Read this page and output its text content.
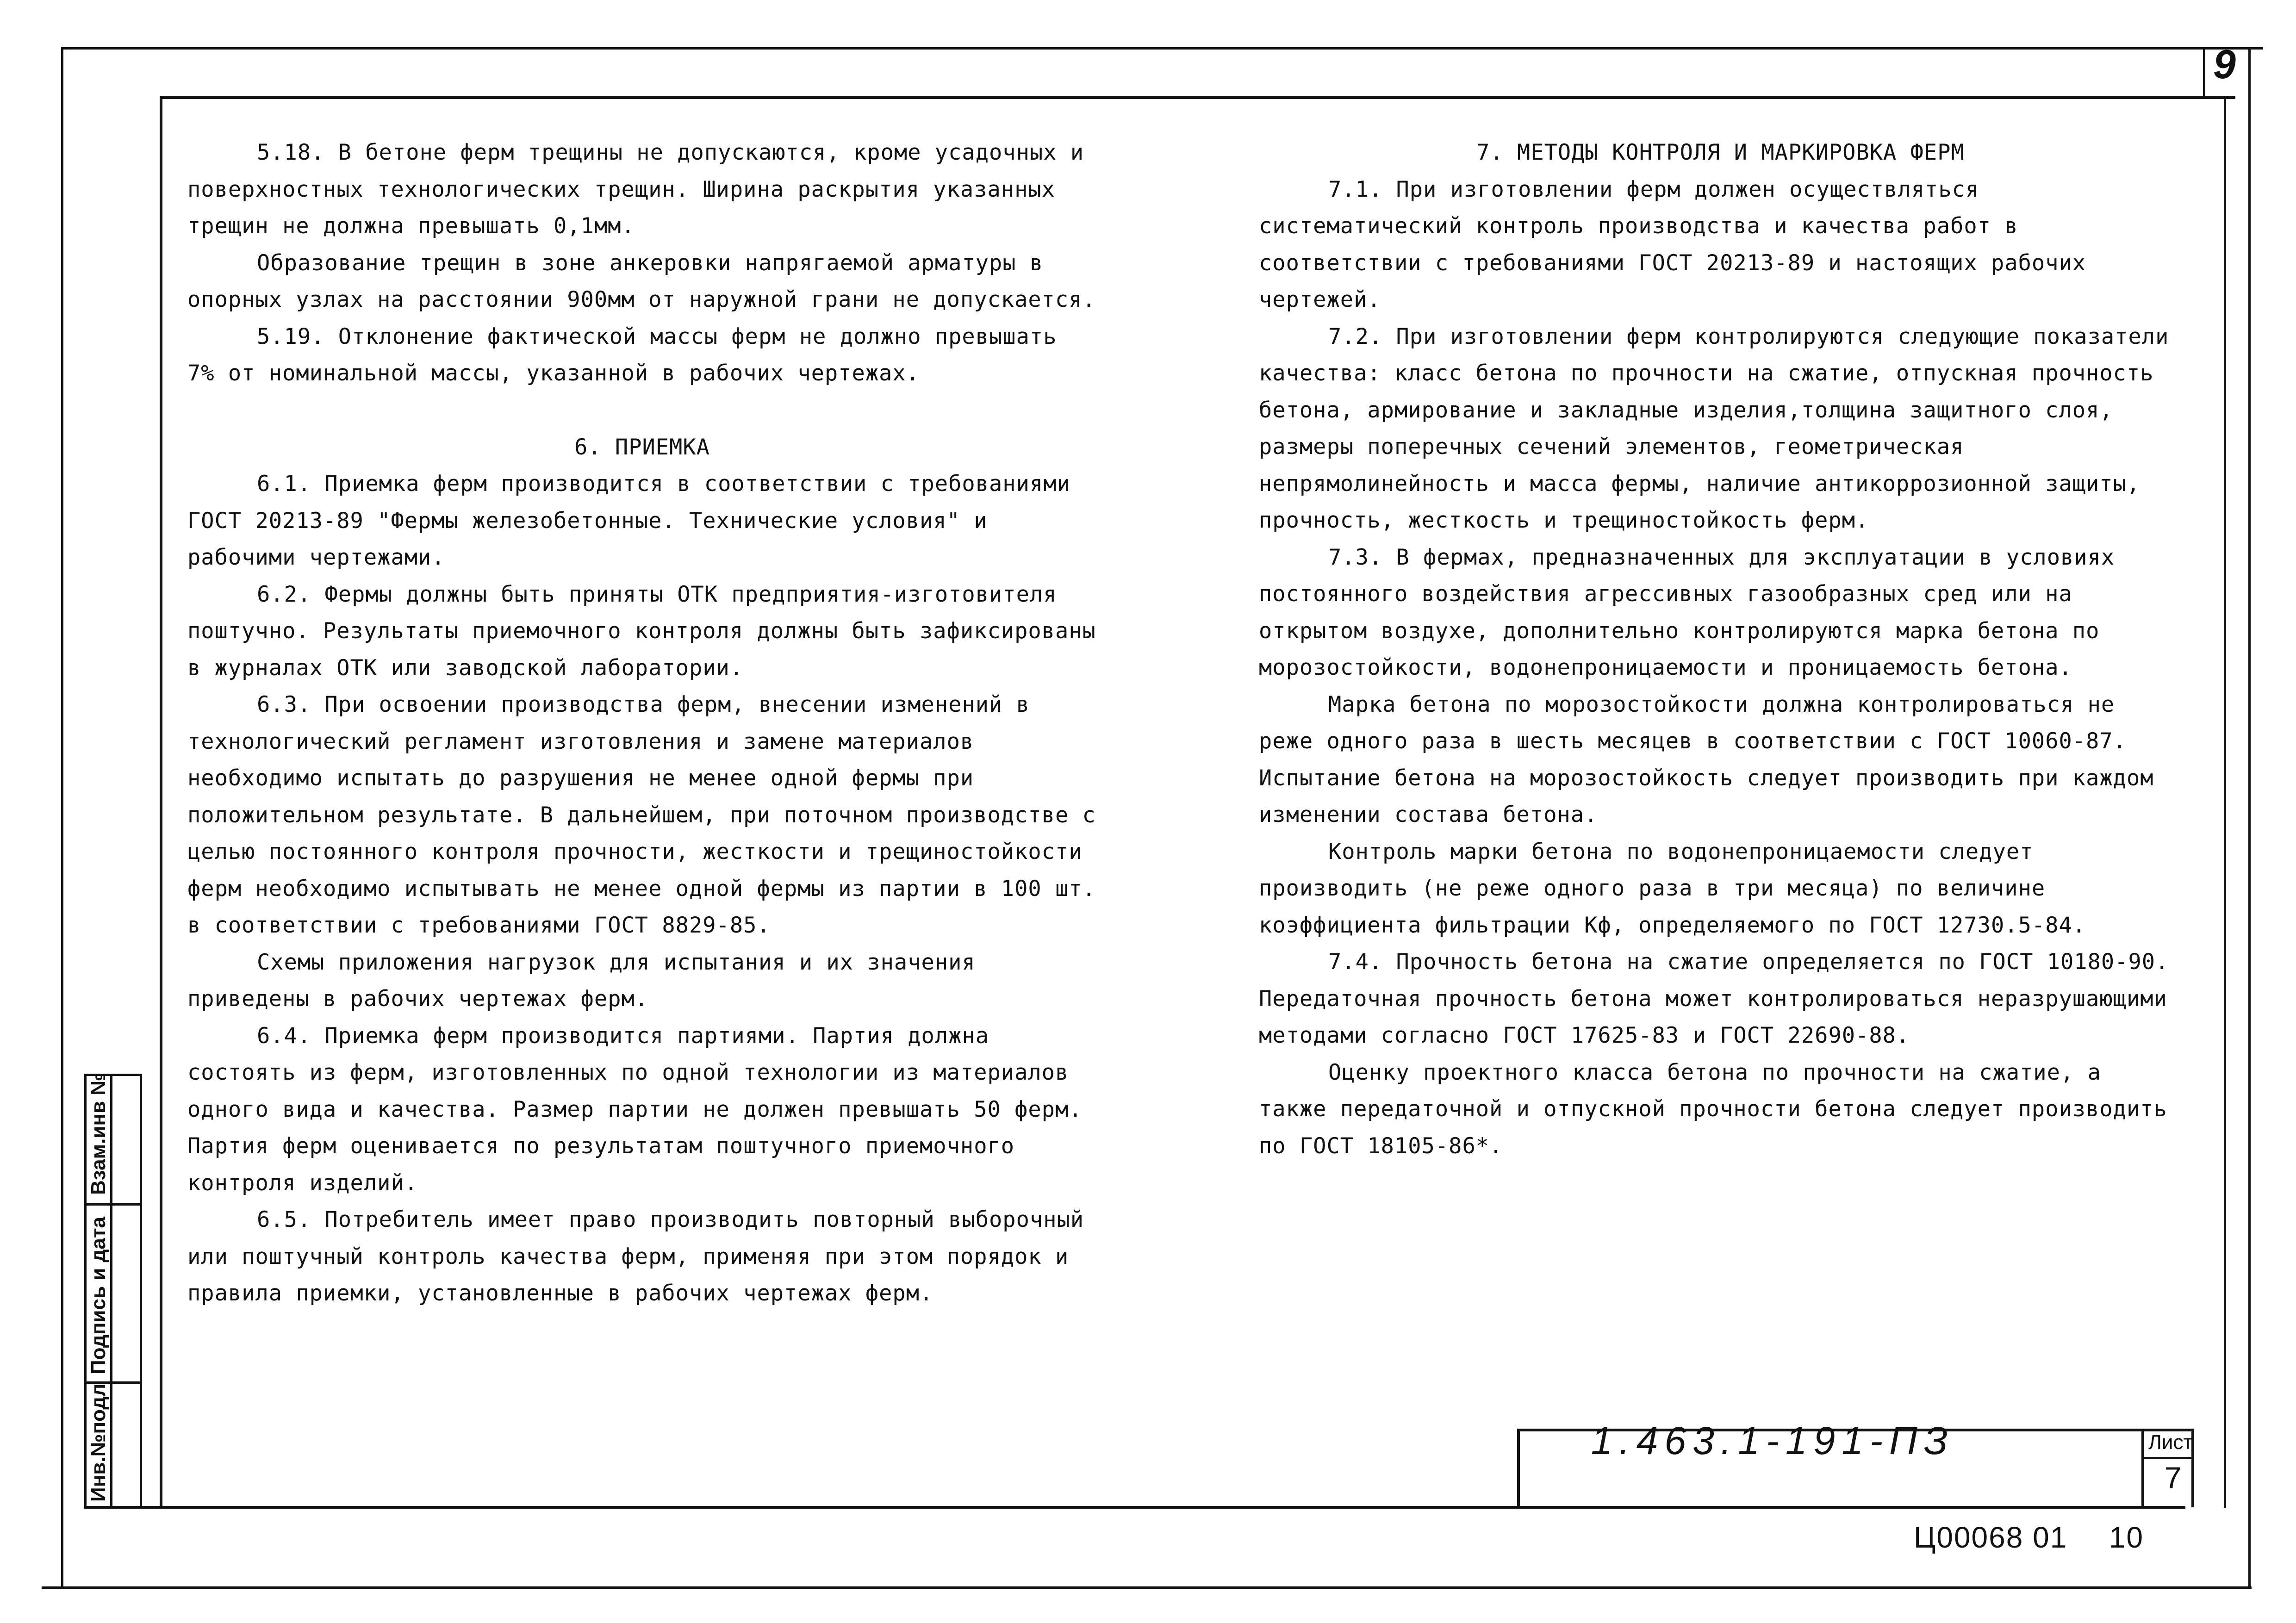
9

5.18. В бетоне ферм трещины не допускаются, кроме усадочных и поверхностных технологических трещин. Ширина раскрытия указанных трещин не должна превышать 0,1мм.

Образование трещин в зоне анкеровки напрягаемой арматуры в опорных узлах на расстоянии 900мм от наружной грани не допускается.

5.19. Отклонение фактической массы ферм не должно превышать 7% от номинальной массы, указанной в рабочих чертежах.

6. ПРИЕМКА

6.1. Приемка ферм производится в соответствии с требованиями ГОСТ 20213-89 "Фермы железобетонные. Технические условия" и рабочими чертежами.

6.2. Фермы должны быть приняты ОТК предприятия-изготовителя поштучно. Результаты приемочного контроля должны быть зафиксированы в журналах ОТК или заводской лаборатории.

6.3. При освоении производства ферм, внесении изменений в технологический регламент изготовления и замене материалов необходимо испытать до разрушения не менее одной фермы при положительном результате. В дальнейшем, при поточном производстве с целью постоянного контроля прочности, жесткости и трещиностойкости ферм необходимо испытывать не менее одной фермы из партии в 100 шт. в соответствии с требованиями ГОСТ 8829-85.

Схемы приложения нагрузок для испытания и их значения приведены в рабочих чертежах ферм.

6.4. Приемка ферм производится партиями. Партия должна состоять из ферм, изготовленных по одной технологии из материалов одного вида и качества. Размер партии не должен превышать 50 ферм. Партия ферм оценивается по результатам поштучного приемочного контроля изделий.

6.5. Потребитель имеет право производить повторный выборочный или поштучный контроль качества ферм, применяя при этом порядок и правила приемки, установленные в рабочих чертежах ферм.

7. МЕТОДЫ КОНТРОЛЯ И МАРКИРОВКА ФЕРМ

7.1. При изготовлении ферм должен осуществляться систематический контроль производства и качества работ в соответствии с требованиями ГОСТ 20213-89 и настоящих рабочих чертежей.

7.2. При изготовлении ферм контролируются следующие показатели качества: класс бетона по прочности на сжатие, отпускная прочность бетона, армирование и закладные изделия,толщина защитного слоя, размеры поперечных сечений элементов, геометрическая непрямолинейность и масса фермы, наличие антикоррозионной защиты, прочность, жесткость и трещиностойкость ферм.

7.3. В фермах, предназначенных для эксплуатации в условиях постоянного воздействия агрессивных газообразных сред или на открытом воздухе, дополнительно контролируются марка бетона по морозостойкости, водонепроницаемости и проницаемость бетона.

Марка бетона по морозостойкости должна контролироваться не реже одного раза в шесть месяцев в соответствии с ГОСТ 10060-87. Испытание бетона на морозостойкость следует производить при каждом изменении состава бетона.

Контроль марки бетона по водонепроницаемости следует производить (не реже одного раза в три месяца) по величине коэффициента фильтрации Кф, определяемого по ГОСТ 12730.5-84.

7.4. Прочность бетона на сжатие определяется по ГОСТ 10180-90. Передаточная прочность бетона может контролироваться неразрушающими методами согласно ГОСТ 17625-83 и ГОСТ 22690-88.

Оценку проектного класса бетона по прочности на сжатие, а также передаточной и отпускной прочности бетона следует производить по ГОСТ 18105-86*.

Взам.инв №
Подпись и дата
Инв.№подл	1.463.1-191-ПЗ	Лист
7
Ц00068 01 10
